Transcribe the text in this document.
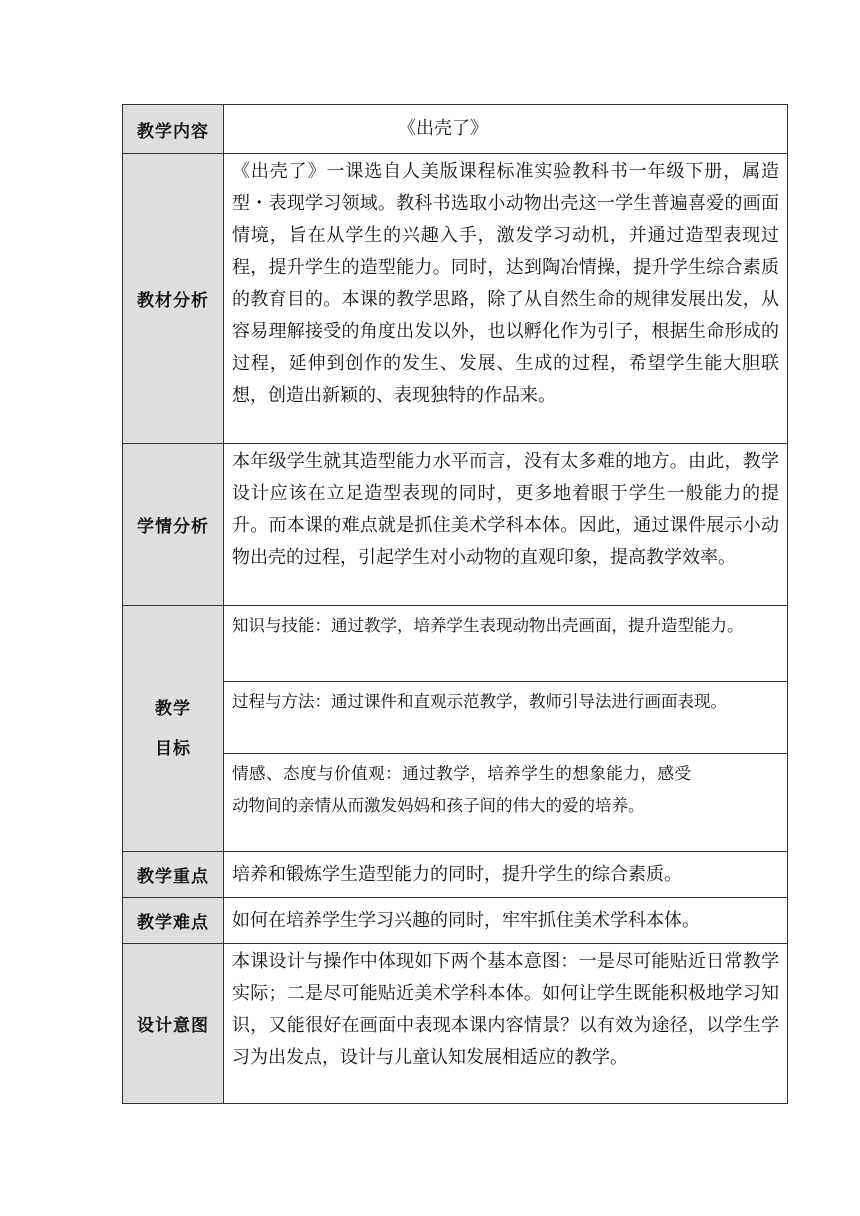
教学内容	《出壳了》
教材分析	《出壳了》一课选自人美版课程标准实验教科书一年级下册，属造型・表现学习领域。教科书选取小动物出壳这一学生普遍喜爱的画面情境，旨在从学生的兴趣入手，激发学习动机，并通过造型表现过程，提升学生的造型能力。同时，达到陶冶情操，提升学生综合素质的教育目的。本课的教学思路，除了从自然生命的规律发展出发，从容易理解接受的角度出发以外，也以孵化作为引子，根据生命形成的过程，延伸到创作的发生、发展、生成的过程，希望学生能大胆联想，创造出新颖的、表现独特的作品来。
学情分析	本年级学生就其造型能力水平而言，没有太多难的地方。由此，教学设计应该在立足造型表现的同时，更多地着眼于学生一般能力的提升。而本课的难点就是抓住美术学科本体。因此，通过课件展示小动物出壳的过程，引起学生对小动物的直观印象，提高教学效率。

教学
目标	知识与技能：通过教学，培养学生表现动物出壳画面，提升造型能力。
	过程与方法：通过课件和直观示范教学，教师引导法进行画面表现。
	情感、态度与价值观：通过教学，培养学生的想象能力，感受动物间的亲情从而激发妈妈和孩子间的伟大的爱的培养。
教学重点	培养和锻炼学生造型能力的同时，提升学生的综合素质。
教学难点	如何在培养学生学习兴趣的同时，牢牢抓住美术学科本体。
设计意图	本课设计与操作中体现如下两个基本意图：一是尽可能贴近日常教学实际；二是尽可能贴近美术学科本体。如何让学生既能积极地学习知识，又能很好在画面中表现本课内容情景？以有效为途径，以学生学习为出发点，设计与儿童认知发展相适应的教学。
